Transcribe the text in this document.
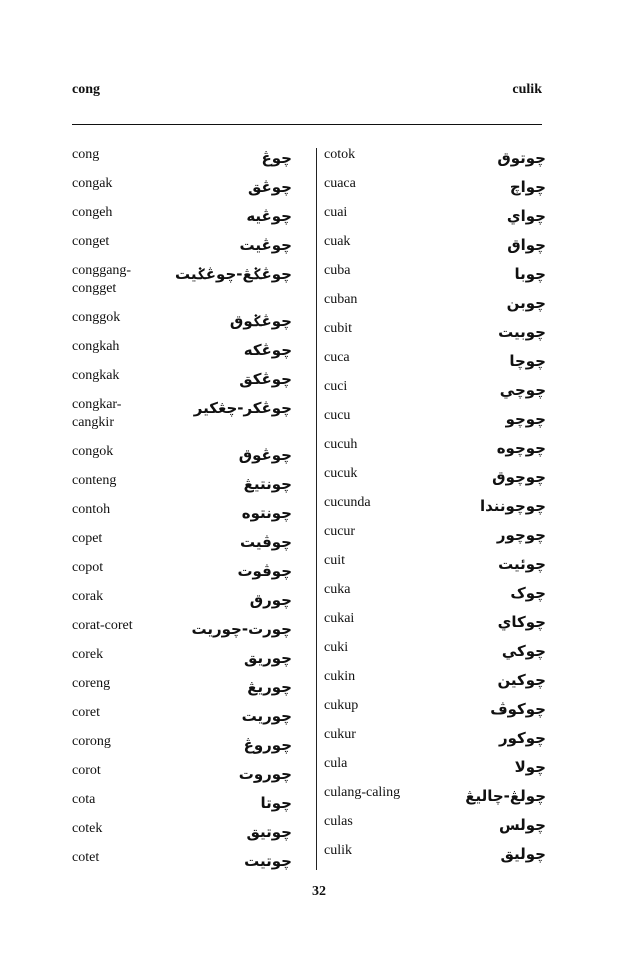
cong	culik
cong	چوڠ
congak	چوڠق
congeh	چوڠيه
conget	چوڠيت
conggang-
congget
چوڠݢڠ-چوڠݢيت
conggok	چوڠݢوق
congkah	چوڠکه
congkak	چوڠکق
congkar-
cangkir
چوڠکر-چڠکير
congok	چوڠوق
conteng	چونتيڠ
contoh	چونتوه
copet	چوڤيت
copot	چوڤوت
corak	چورق
corat-coret	چورت-چوريت
corek	چوريق
coreng	چوريڠ
coret	چوريت
corong	چوروڠ
corot	چوروت
cota	چوتا
cotek	چوتيق
cotet	چوتيت
cotok	چوتوق
cuaca	چواچ
cuai	چواي
cuak	چواق
cuba	چوبا
cuban	چوبن
cubit	چوبيت
cuca	چوچا
cuci	چوچي
cucu	چوچو
cucuh	چوچوه
cucuk	چوچوق
cucunda	چوچونندا
cucur	چوچور
cuit	چوئيت
cuka	چوک
cukai	چوکاي
cuki	چوکي
cukin	چوکين
cukup	چوکوڤ
cukur	چوکور
cula	چولا
culang-caling	چولڠ-چاليڠ
culas	چولس
culik	چوليق
32
